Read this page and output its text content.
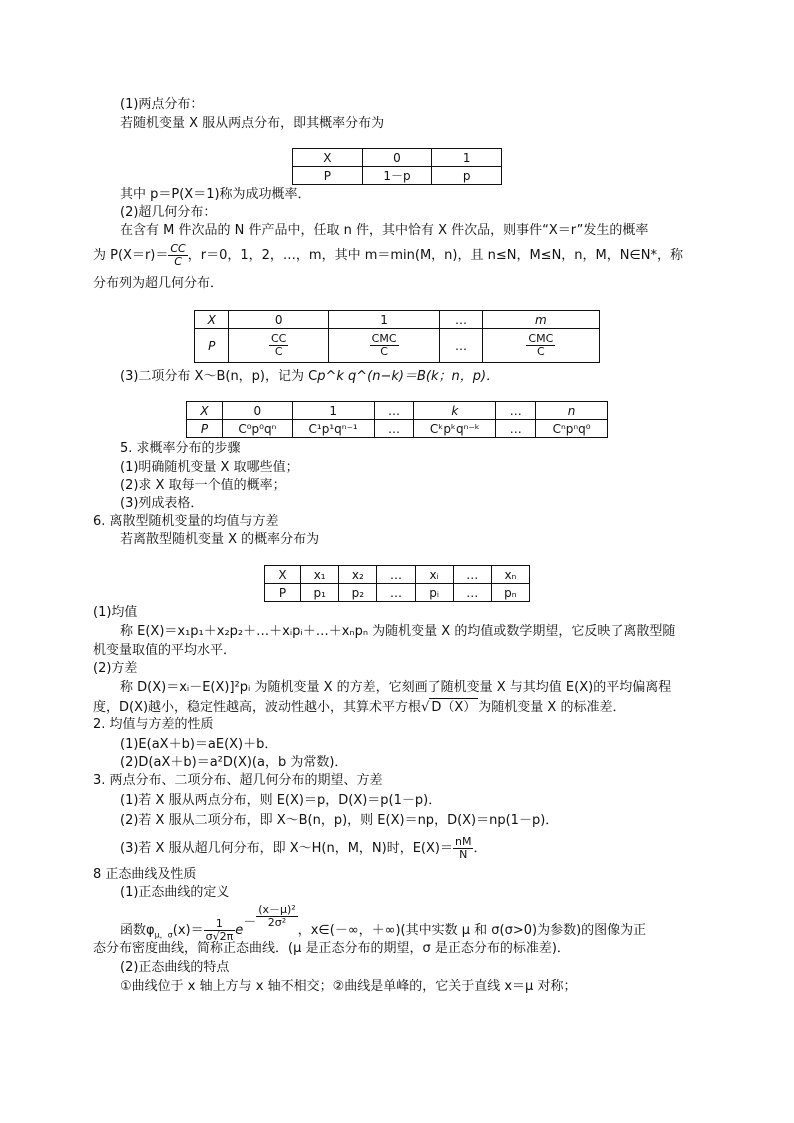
(1)两点分布：
若随机变量 X 服从两点分布，即其概率分布为
X	0	1
P	1－p	p
其中 p＝P(X＝1)称为成功概率．
(2)超几何分布：
在含有 M 件次品的 N 件产品中，任取 n 件，其中恰有 X 件次品，则事件“X＝r”发生的概率
为 $P(X=r)= \frac{CC}{C}$ ，r＝0，1，2，…，m，其中 m＝min(M，n)，且 n≤N，M≤N，n，M，N∈N*，称
分布列为超几何分布．
X	0	1	…	m
P	$\frac{CC}{C}$	$\frac{\text{CMC}}{C}$	…	$\frac{\text{CMC}}{C}$
(3)二项分布 X～B(n，p)，记为 Cp^k q^(n−k)＝B(k；n，p)．
X	0	1	…	k	…	n
P	C⁰p⁰qⁿ	C¹p¹qⁿ⁻¹	…	Cᵏpᵏqⁿ⁻ᵏ	…	Cⁿpⁿq⁰
5. 求概率分布的步骤
(1)明确随机变量 X 取哪些值；
(2)求 X 取每一个值的概率；
(3)列成表格．
6. 离散型随机变量的均值与方差
若离散型随机变量 X 的概率分布为
X	x₁	x₂	…	xᵢ	…	xₙ
P	p₁	p₂	…	pᵢ	…	pₙ
(1)均值
称 E(X)＝x₁p₁＋x₂p₂＋…＋xᵢpᵢ＋…＋xₙpₙ 为随机变量 X 的均值或数学期望，它反映了离散型随
机变量取值的平均水平．
(2)方差
称 D(X)＝xᵢ－E(X)]²pᵢ 为随机变量 X 的方差，它刻画了随机变量 X 与其均值 E(X)的平均偏离程
度，D(X)越小，稳定性越高，波动性越小，其算术平方根√ D（X） 为随机变量 X 的标准差．
2. 均值与方差的性质
(1)E(aX＋b)＝aE(X)＋b．
(2)D(aX＋b)＝a²D(X)(a，b 为常数)．
3. 两点分布、二项分布、超几何分布的期望、方差
(1)若 X 服从两点分布，则 E(X)＝p，D(X)＝p(1－p)．
(2)若 X 服从二项分布，即 X～B(n，p)，则 E(X)＝np，D(X)＝np(1－p)．
(3)若 X 服从超几何分布，即 X～H(n，M，N)时，$E(X)= \frac{nM}{N}$ ．
8 正态曲线及性质
(1)正态曲线的定义
函数$\varphi_{\mu,\sigma}(x)= \frac{1}{\sigma√2\pi} e- \frac{\text{(x－μ)²}}{\text{2σ²}}$
，x∈(－∞，＋∞)(其中实数 μ 和 σ(σ>0)为参数)的图像为正
态分布密度曲线，简称正态曲线．(μ 是正态分布的期望，σ 是正态分布的标准差)．
(2)正态曲线的特点
①曲线位于 x 轴上方与 x 轴不相交；②曲线是单峰的，它关于直线 x＝μ 对称；
